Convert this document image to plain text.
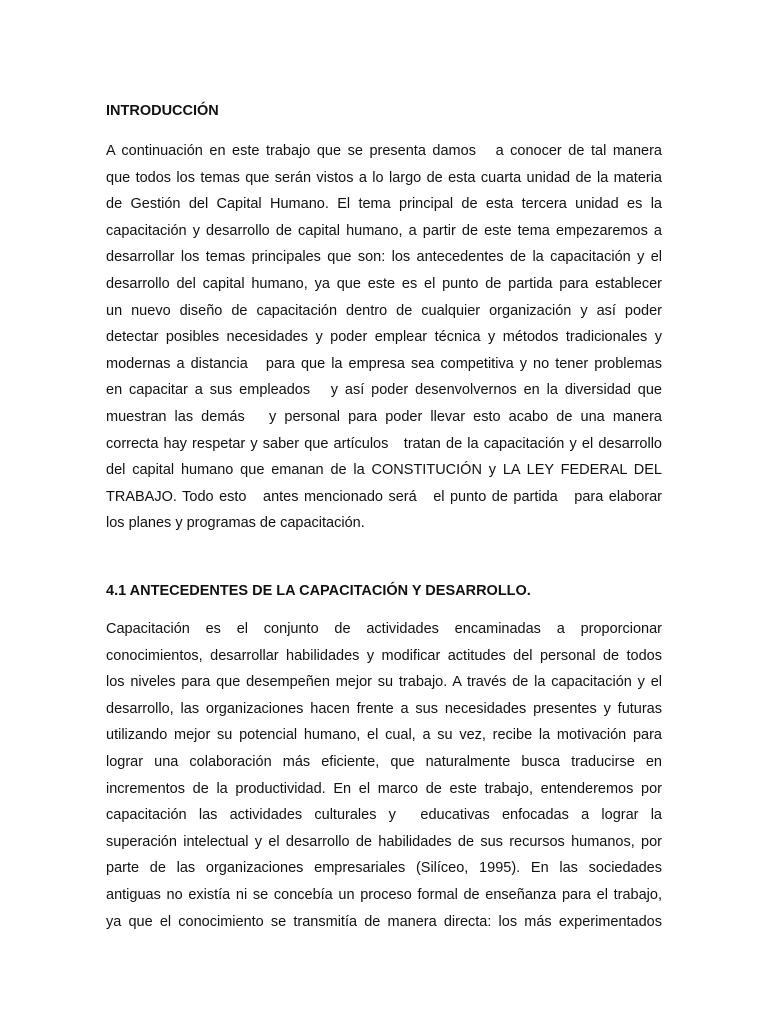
INTRODUCCIÓN
A continuación en este trabajo que se presenta damos   a conocer de tal manera
que todos los temas que serán vistos a lo largo de esta cuarta unidad de la materia
de Gestión del Capital Humano. El tema principal de esta tercera unidad es la
capacitación y desarrollo de capital humano, a partir de este tema empezaremos a
desarrollar los temas principales que son: los antecedentes de la capacitación y el
desarrollo del capital humano, ya que este es el punto de partida para establecer
un nuevo diseño de capacitación dentro de cualquier organización y así poder
detectar posibles necesidades y poder emplear técnica y métodos tradicionales y
modernas a distancia   para que la empresa sea competitiva y no tener problemas
en capacitar a sus empleados   y así poder desenvolvernos en la diversidad que
muestran las demás   y personal para poder llevar esto acabo de una manera
correcta hay respetar y saber que artículos   tratan de la capacitación y el desarrollo
del capital humano que emanan de la CONSTITUCIÓN y LA LEY FEDERAL DEL
TRABAJO. Todo esto   antes mencionado será   el punto de partida   para elaborar
los planes y programas de capacitación.
4.1 ANTECEDENTES DE LA CAPACITACIÓN Y DESARROLLO.
Capacitación es el conjunto de actividades encaminadas a proporcionar
conocimientos, desarrollar habilidades y modificar actitudes del personal de todos
los niveles para que desempeñen mejor su trabajo. A través de la capacitación y el
desarrollo, las organizaciones hacen frente a sus necesidades presentes y futuras
utilizando mejor su potencial humano, el cual, a su vez, recibe la motivación para
lograr una colaboración más eficiente, que naturalmente busca traducirse en
incrementos de la productividad. En el marco de este trabajo, entenderemos por
capacitación las actividades culturales y  educativas enfocadas a lograr la
superación intelectual y el desarrollo de habilidades de sus recursos humanos, por
parte de las organizaciones empresariales (Silíceo, 1995). En las sociedades
antiguas no existía ni se concebía un proceso formal de enseñanza para el trabajo,
ya que el conocimiento se transmitía de manera directa: los más experimentados
